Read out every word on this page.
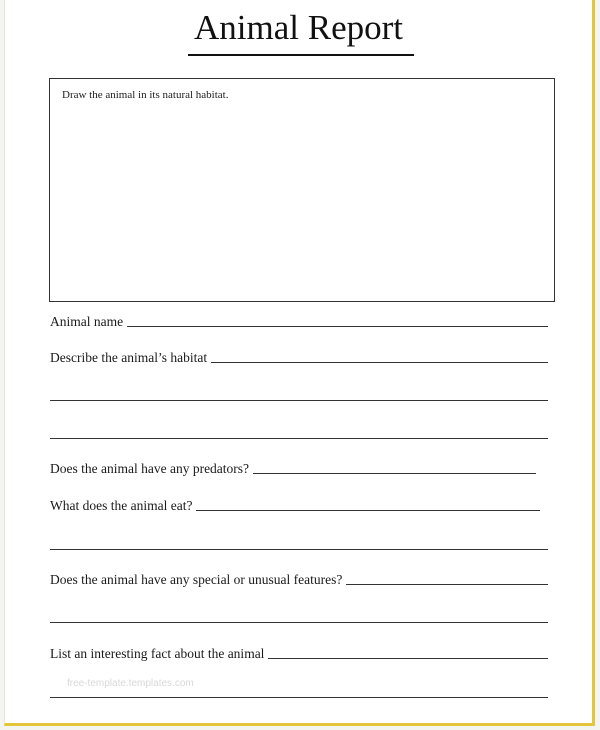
Animal Report
Draw the animal in its natural habitat.
Animal name
Describe the animal’s habitat
Does the animal have any predators?
What does the animal eat?
Does the animal have any special or unusual features?
List an interesting fact about the animal
free-template.templates.com
